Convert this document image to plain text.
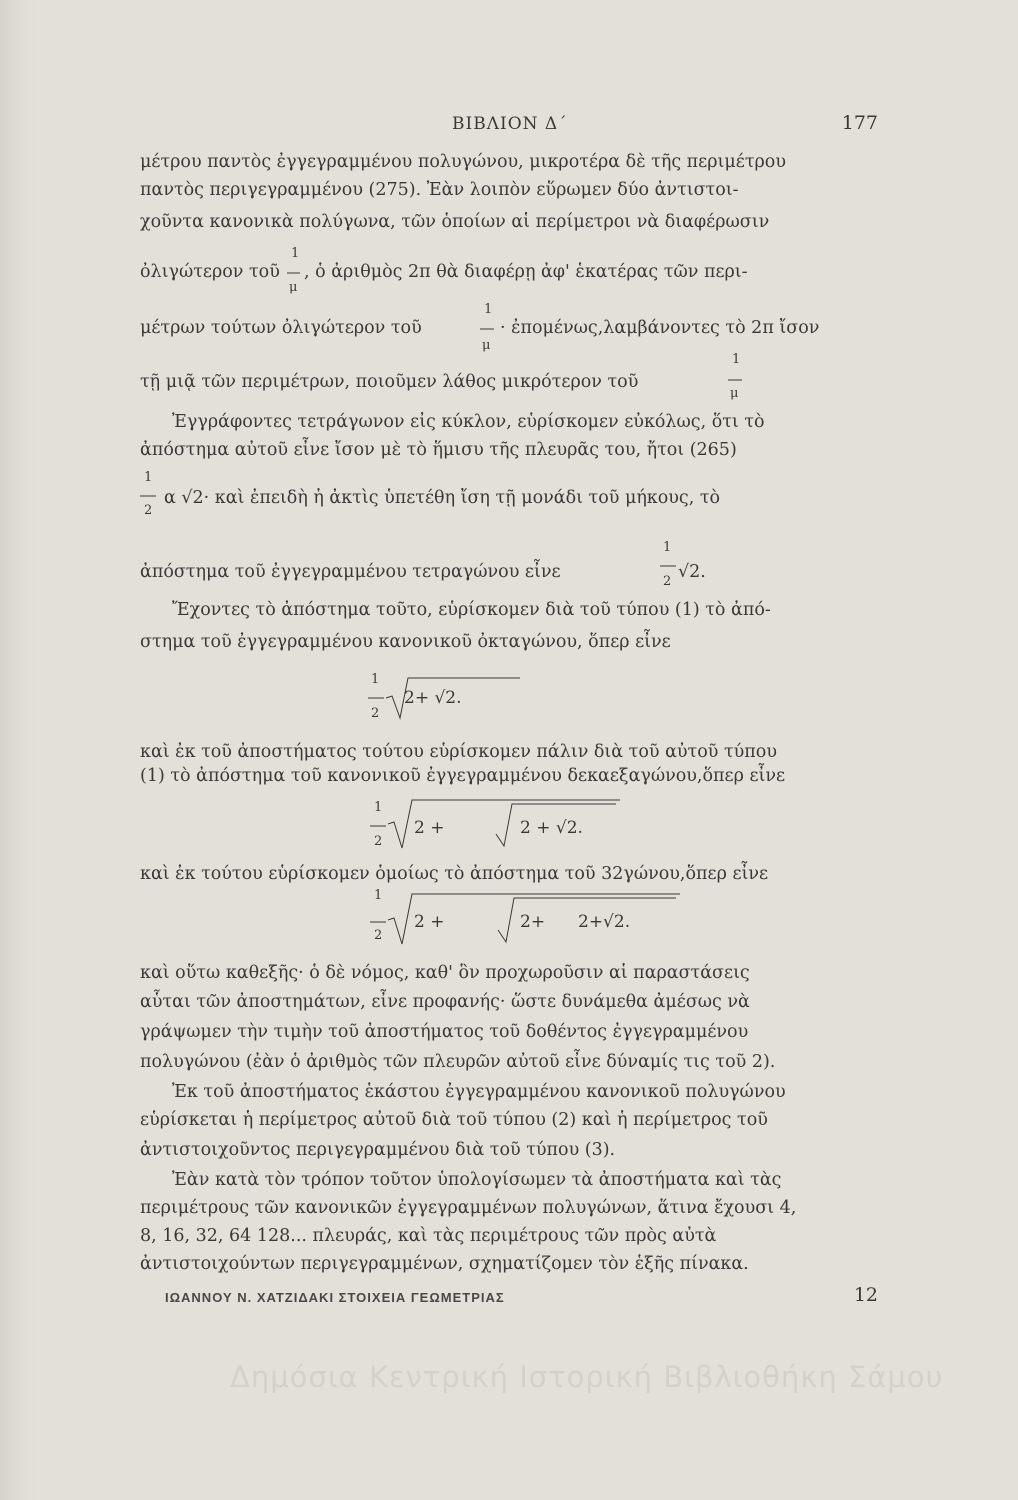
ΒΙΒΛΙΟΝ Δ΄	177
μέτρου παντὸς ἐγγεγραμμένου πολυγώνου, μικροτέρα δὲ τῆς περιμέτρου
παντὸς περιγεγραμμένου (275). Ἐὰν λοιπὸν εὕρωμεν δύο ἀντιστοι-
χοῦντα κανονικὰ πολύγωνα, τῶν ὁποίων αἱ περίμετροι νὰ διαφέρωσιν
ὀλιγώτερον τοῦ
1
μ
, ὁ ἀριθμὸς 2π θὰ διαφέρῃ ἀφ' ἑκατέρας τῶν περι-
μέτρων τούτων ὀλιγώτερον τοῦ
1
μ
· ἐπομένως,λαμβάνοντες τὸ 2π ἴσον
τῇ μιᾷ τῶν περιμέτρων, ποιοῦμεν λάθος μικρότερον τοῦ
1
μ
Ἐγγράφοντες τετράγωνον εἰς κύκλον, εὑρίσκομεν εὐκόλως, ὅτι τὸ
ἀπόστημα αὐτοῦ εἶνε ἴσον μὲ τὸ ἥμισυ τῆς πλευρᾶς του, ἤτοι (265)
1
2
α √2· καὶ ἐπειδὴ ἡ ἀκτὶς ὑπετέθη ἴση τῇ μονάδι τοῦ μήκους, τὸ
ἀπόστημα τοῦ ἐγγεγραμμένου τετραγώνου εἶνε
1
2 √2.
Ἔχοντες τὸ ἀπόστημα τοῦτο, εὑρίσκομεν διὰ τοῦ τύπου (1) τὸ ἀπό-
στημα τοῦ ἐγγεγραμμένου κανονικοῦ ὀκταγώνου, ὅπερ εἶνε
1
2
2+ √2.
καὶ ἐκ τοῦ ἀποστήματος τούτου εὑρίσκομεν πάλιν διὰ τοῦ αὐτοῦ τύπου
(1) τὸ ἀπόστημα τοῦ κανονικοῦ ἐγγεγραμμένου δεκαεξαγώνου,ὅπερ εἶνε
1
2
2 +	2 + √2.
καὶ ἐκ τούτου εὑρίσκομεν ὁμοίως τὸ ἀπόστημα τοῦ 32γώνου,ὅπερ εἶνε
1
2
2 +	2+ 2+√2.
καὶ οὕτω καθεξῆς· ὁ δὲ νόμος, καθ' ὃν προχωροῦσιν αἱ παραστάσεις
αὗται τῶν ἀποστημάτων, εἶνε προφανής· ὥστε δυνάμεθα ἀμέσως νὰ
γράψωμεν τὴν τιμὴν τοῦ ἀποστήματος τοῦ δοθέντος ἐγγεγραμμένου
πολυγώνου (ἐὰν ὁ ἀριθμὸς τῶν πλευρῶν αὐτοῦ εἶνε δύναμίς τις τοῦ 2).
Ἐκ τοῦ ἀποστήματος ἑκάστου ἐγγεγραμμένου κανονικοῦ πολυγώνου
εὑρίσκεται ἡ περίμετρος αὐτοῦ διὰ τοῦ τύπου (2) καὶ ἡ περίμετρος τοῦ
ἀντιστοιχοῦντος περιγεγραμμένου διὰ τοῦ τύπου (3).
Ἐὰν κατὰ τὸν τρόπον τοῦτον ὑπολογίσωμεν τὰ ἀποστήματα καὶ τὰς
περιμέτρους τῶν κανονικῶν ἐγγεγραμμένων πολυγώνων, ἅτινα ἔχουσι 4,
8, 16, 32, 64 128... πλευράς, καὶ τὰς περιμέτρους τῶν πρὸς αὐτὰ
ἀντιστοιχούντων περιγεγραμμένων, σχηματίζομεν τὸν ἑξῆς πίνακα.
ΙΩΑΝΝΟΥ Ν. ΧΑΤΖΙΔΑΚΙ ΣΤΟΙΧΕΙΑ ΓΕΩΜΕΤΡΙΑΣ	12
Δημόσια Κεντρική Ιστορική Βιβλιοθήκη Σάμου
